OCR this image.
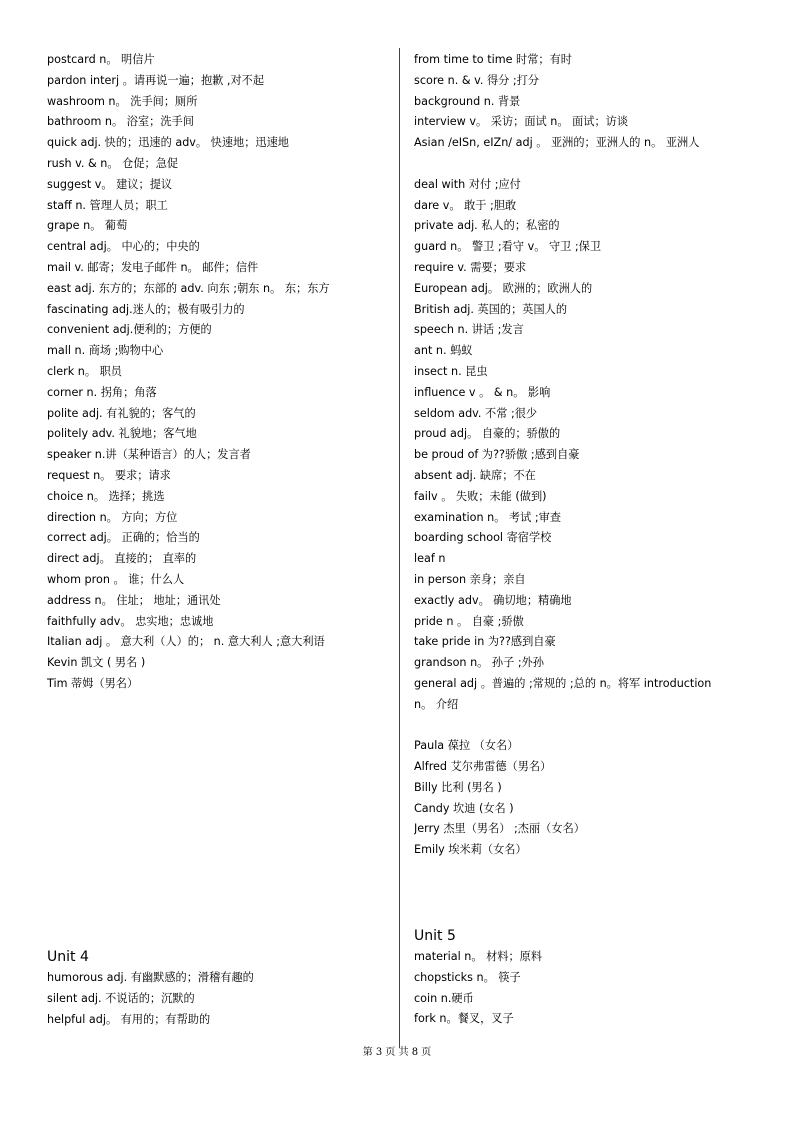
postcard n。 明信片
pardon interj 。请再说一遍；抱歉 ,对不起
washroom n。 洗手间；厕所
bathroom n。 浴室；洗手间
quick adj. 快的；迅速的 adv。 快速地；迅速地
rush v. & n。 仓促；急促
suggest v。 建议；提议
staff n. 管理人员；职工
grape n。 葡萄
central adj。 中心的；中央的
mail v. 邮寄；发电子邮件 n。 邮件；信件
east adj. 东方的；东部的 adv. 向东 ;朝东 n。 东；东方
fascinating adj.迷人的；极有吸引力的
convenient adj.便利的；方便的
mall n. 商场 ;购物中心
clerk n。 职员
corner n. 拐角；角落
polite adj. 有礼貌的；客气的
politely adv. 礼貌地；客气地
speaker n.讲（某种语言）的人；发言者
request n。 要求；请求
choice n。 选择；挑选
direction n。 方向；方位
correct adj。 正确的；恰当的
direct adj。 直接的； 直率的
whom pron 。 谁；什么人
address n。 住址； 地址；通讯处
faithfully adv。 忠实地；忠诚地
Italian adj 。 意大利（人）的； n. 意大利人 ;意大利语
Kevin 凯文 ( 男名 )
Tim 蒂姆（男名）
Unit 4
humorous adj. 有幽默感的；滑稽有趣的
silent adj. 不说话的；沉默的
helpful adj。 有用的；有帮助的
from time to time 时常；有时
score n. & v. 得分 ;打分
background n. 背景
interview v。 采访；面试 n。 面试；访谈
Asian /eISn, eIZn/ adj 。 亚洲的；亚洲人的 n。 亚洲人
deal with 对付 ;应付
dare v。 敢于 ;胆敢
private adj. 私人的；私密的
guard n。 警卫 ;看守 v。 守卫 ;保卫
require v. 需要；要求
European adj。 欧洲的；欧洲人的
British adj. 英国的；英国人的
speech n. 讲话 ;发言
ant n. 蚂蚁
insect n. 昆虫
influence v 。 & n。 影响
seldom adv. 不常 ;很少
proud adj。 自豪的；骄傲的
be proud of 为??骄傲 ;感到自豪
absent adj. 缺席；不在
failv 。 失败；未能 (做到)
examination n。 考试 ;审查
boarding school 寄宿学校
leaf n
in person 亲身；亲自
exactly adv。 确切地；精确地
pride n 。 自豪 ;骄傲
take pride in 为??感到自豪
grandson n。 孙子 ;外孙
general adj 。普遍的 ;常规的 ;总的 n。将军 introduction
n。 介绍
Paula 葆拉 （女名）
Alfred 艾尔弗雷德（男名）
Billy 比利 (男名 )
Candy 坎迪 (女名 )
Jerry 杰里（男名） ;杰丽（女名）
Emily 埃米莉（女名）
Unit 5
material n。 材料；原料
chopsticks n。 筷子
coin n.硬币
fork n。餐叉，叉子
第 3 页 共 8 页
